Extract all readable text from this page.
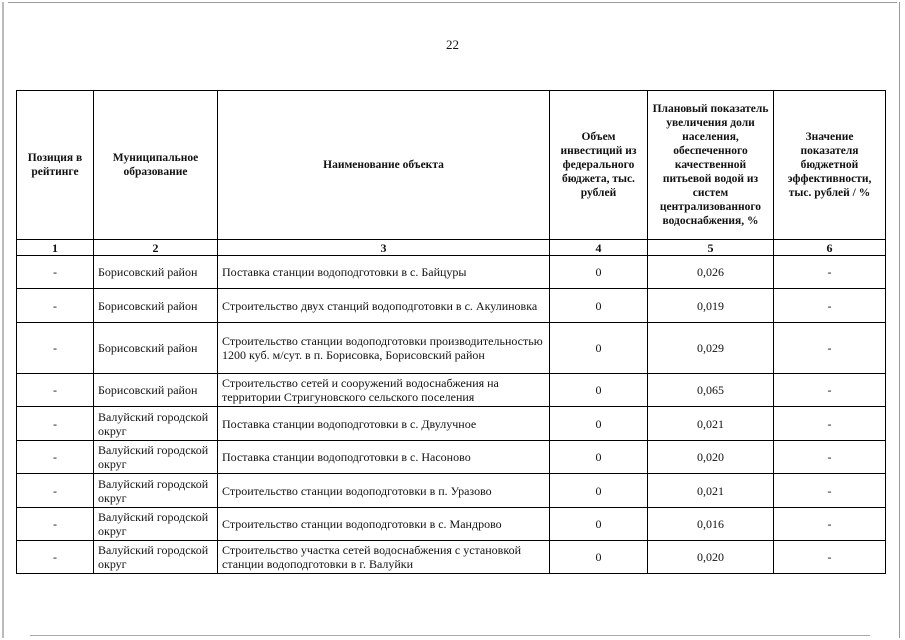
22
Позиция в рейтинге	Муниципальное образование	Наименование объекта	Объем инвестиций из федерального бюджета, тыс. рублей	Плановый показатель увеличения доли населения, обеспеченного качественной питьевой водой из систем централизованного водоснабжения, %	Значение показателя бюджетной эффективности, тыс. рублей / %
1	2	3	4	5	6
-	Борисовский район	Поставка станции водоподготовки в с. Байцуры	0	0,026	-
-	Борисовский район	Строительство двух станций водоподготовки в с. Акулиновка	0	0,019	-
-	Борисовский район	Строительство станции водоподготовки производительностью 1200 куб. м/сут. в п. Борисовка, Борисовский район	0	0,029	-
-	Борисовский район	Строительство сетей и сооружений водоснабжения на территории Стригуновского сельского поселения	0	0,065	-
-	Валуйский городской округ	Поставка станции водоподготовки в с. Двулучное	0	0,021	-
-	Валуйский городской округ	Поставка станции водоподготовки в с. Насоново	0	0,020	-
-	Валуйский городской округ	Строительство станции водоподготовки в п. Уразово	0	0,021	-
-	Валуйский городской округ	Строительство станции водоподготовки в с. Мандрово	0	0,016	-
-	Валуйский городской округ	Строительство участка сетей водоснабжения с установкой станции водоподготовки в г. Валуйки	0	0,020	-
